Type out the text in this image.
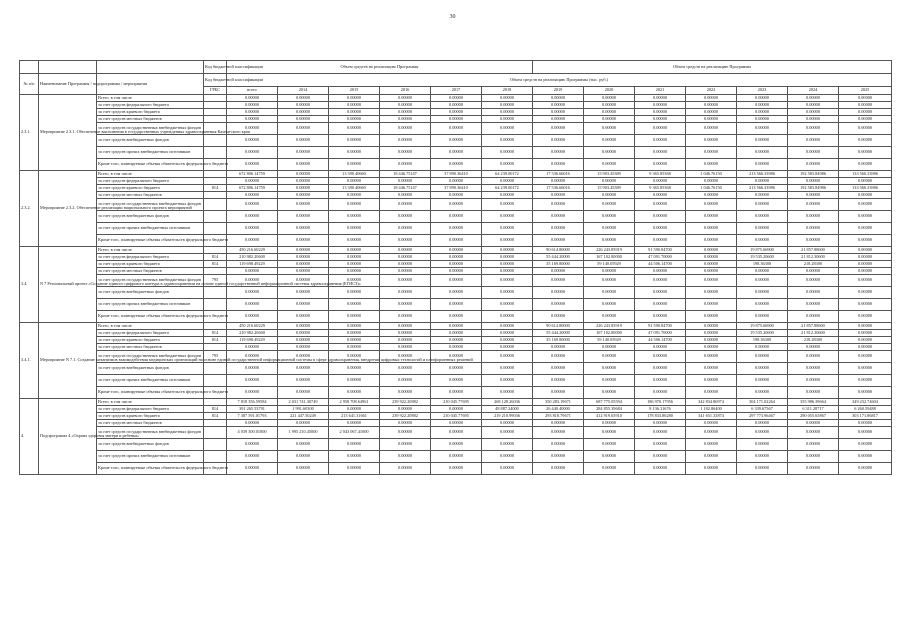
30
			Код бюджетной классификации	Объем средств на реализацию Программы						Объем средств на реализацию Программы						
№ п/п	Наименование Программы / подпрограммы / мероприятия		Код бюджетной классификации	Объем средств на реализацию Программы (тыс. руб.)												
			ГРБС	всего	2014	2015	2016	2017	2018	2019	2020	2021	2022	2023	2024	2025
2.3.1.	Мероприятие 2.3.1. Обеспечение выполнения в государственных учреждениях здравоохранения Камчатского края	Всего, в том числе		0.00000	0.00000	0.00000	0.00000	0.00000	0.00000	0.00000	0.00000	0.00000	0.00000	0.00000	0.00000	0.00000
		за счет средств федерального бюджета		0.00000	0.00000	0.00000	0.00000	0.00000	0.00000	0.00000	0.00000	0.00000	0.00000	0.00000	0.00000	0.00000
		за счет средств краевого бюджета		0.00000	0.00000	0.00000	0.00000	0.00000	0.00000	0.00000	0.00000	0.00000	0.00000	0.00000	0.00000	0.00000
		за счет средств местных бюджетов		0.00000	0.00000	0.00000	0.00000	0.00000	0.00000	0.00000	0.00000	0.00000	0.00000	0.00000	0.00000	0.00000
		за счет средств государственных внебюджетных фондов		0.00000	0.00000	0.00000	0.00000	0.00000	0.00000	0.00000	0.00000	0.00000	0.00000	0.00000	0.00000	0.00000
		за счет средств внебюджетных фондов		0.00000	0.00000	0.00000	0.00000	0.00000	0.00000	0.00000	0.00000	0.00000	0.00000	0.00000	0.00000	0.00000
		за счет средств прочих внебюджетных источников		0.00000	0.00000	0.00000	0.00000	0.00000	0.00000	0.00000	0.00000	0.00000	0.00000	0.00000	0.00000	0.00000
		Кроме того, планируемые объемы обязательств федерального бюджета		0.00000	0.00000	0.00000	0.00000	0.00000	0.00000	0.00000	0.00000	0.00000	0.00000	0.00000	0.00000	0.00000
2.3.2.	Мероприятие 2.3.2. Обеспечение реализации национального проекта мероприятий	Всего, в том числе		672 806.14759	0.00000	13 390.40660	18 446.75147	37 890.36410	64 239.00172	17 536.66016	15 903.45389	9 365.85368	1 046.76150	213 566.33986	192 583.84986	133 566.33986
		за счет средств федерального бюджета		0.00000	0.00000	0.00000	0.00000	0.00000	0.00000	0.00000	0.00000	0.00000	0.00000	0.00000	0.00000	0.00000
		за счет средств краевого бюджета	814	672 806.14759	0.00000	13 390.40660	18 446.75147	37 890.36410	64 239.00172	17 536.66016	15 903.45389	9 365.85368	1 046.76150	213 566.33986	192 583.84986	133 566.33986
		за счет средств местных бюджетов		0.00000	0.00000	0.00000	0.00000	0.00000	0.00000	0.00000	0.00000	0.00000	0.00000	0.00000	0.00000	0.00000
		за счет средств государственных внебюджетных фондов		0.00000	0.00000	0.00000	0.00000	0.00000	0.00000	0.00000	0.00000	0.00000	0.00000	0.00000	0.00000	0.00000
		за счет средств внебюджетных фондов		0.00000	0.00000	0.00000	0.00000	0.00000	0.00000	0.00000	0.00000	0.00000	0.00000	0.00000	0.00000	0.00000
		за счет средств прочих внебюджетных источников		0.00000	0.00000	0.00000	0.00000	0.00000	0.00000	0.00000	0.00000	0.00000	0.00000	0.00000	0.00000	0.00000
		Кроме того, планируемые объемы обязательств федерального бюджета		0.00000	0.00000	0.00000	0.00000	0.00000	0.00000	0.00000	0.00000	0.00000	0.00000	0.00000	0.00000	0.00000
3.4.	N 7 Региональный проект «Создание единого цифрового контура в здравоохранении на основе единой государственной информационной системы здравоохранения (ЕГИСЗ)»	Всего, в том числе		450 216.60229	0.00000	0.00000	0.00000	0.00000	0.00000	90 614.80000	226 243.85919	91 590.84700	0.00000	19 875.66900	21 857.88600	0.00000
		за счет средств федерального бюджета	814	210 982.20600	0.00000	0.00000	0.00000	0.00000	0.00000	55 444.20000	167 102.80000	47 091.70000	0.00000	19 535.20600	21 812.30600	0.00000
		за счет средств краевого бюджета	814	119 698.49229	0.00000	0.00000	0.00000	0.00000	0.00000	35 169.80000	59 140.05929	44 506.14700	0.00000	198.36300	218.28300	0.00000
		за счет средств местных бюджетов		0.00000	0.00000	0.00000	0.00000	0.00000	0.00000	0.00000	0.00000	0.00000	0.00000	0.00000	0.00000	0.00000
		за счет средств государственных внебюджетных фондов	795	0.00000	0.00000	0.00000	0.00000	0.00000	0.00000	0.00000	0.00000	0.00000	0.00000	0.00000	0.00000	0.00000
		за счет средств внебюджетных фондов		0.00000	0.00000	0.00000	0.00000	0.00000	0.00000	0.00000	0.00000	0.00000	0.00000	0.00000	0.00000	0.00000
		за счет средств прочих внебюджетных источников		0.00000	0.00000	0.00000	0.00000	0.00000	0.00000	0.00000	0.00000	0.00000	0.00000	0.00000	0.00000	0.00000
		Кроме того, планируемые объемы обязательств федерального бюджета		0.00000	0.00000	0.00000	0.00000	0.00000	0.00000	0.00000	0.00000	0.00000	0.00000	0.00000	0.00000	0.00000
3.4.1.	Мероприятие N 7.1. Создание механизмов взаимодействия медицинских организаций на основе единой государственной информационной системы в сфере здравоохранения, внедрение цифровых технологий и платформенных решений	Всего, в том числе		450 216.60229	0.00000	0.00000	0.00000	0.00000	0.00000	90 614.80000	226 243.85919	91 590.84700	0.00000	19 875.66900	21 857.88600	0.00000
		за счет средств федерального бюджета	814	210 982.20600	0.00000	0.00000	0.00000	0.00000	0.00000	55 444.20000	167 102.80000	47 091.70000	0.00000	19 535.20600	21 812.30600	0.00000
		за счет средств краевого бюджета	814	119 698.49229	0.00000	0.00000	0.00000	0.00000	0.00000	35 169.80000	59 140.05929	44 506.14700	0.00000	198.36300	218.28300	0.00000
		за счет средств местных бюджетов		0.00000	0.00000	0.00000	0.00000	0.00000	0.00000	0.00000	0.00000	0.00000	0.00000	0.00000	0.00000	0.00000
		за счет средств государственных внебюджетных фондов	795	0.00000	0.00000	0.00000	0.00000	0.00000	0.00000	0.00000	0.00000	0.00000	0.00000	0.00000	0.00000	0.00000
		за счет средств внебюджетных фондов		0.00000	0.00000	0.00000	0.00000	0.00000	0.00000	0.00000	0.00000	0.00000	0.00000	0.00000	0.00000	0.00000
		за счет средств прочих внебюджетных источников		0.00000	0.00000	0.00000	0.00000	0.00000	0.00000	0.00000	0.00000	0.00000	0.00000	0.00000	0.00000	0.00000
		Кроме того, планируемые объемы обязательств федерального бюджета		0.00000	0.00000	0.00000	0.00000	0.00000	0.00000	0.00000	0.00000	0.00000	0.00000	0.00000	0.00000	0.00000
4.	Подпрограмма 4 «Охрана здоровья матери и ребенка»	Всего, в том числе		7 818 356.59584	2 031 741.30749	2 958 708.64961	239 922.20882	210 045.77695	268 128.26036	350 283.19671	687 775.05594	186 970.17956	342 834.86974	304 171.02264	355 986.39664	349 232.74604
		за счет средств федерального бюджета	814	391 265.53791	1 991.60300	0.00000	0.00000	0.00000	48 887.24000	26 440.40000	284 855.39684	8 136.31676	1 182.86400	6 339.67567	6 311.28717	6 260.59488
		за счет средств краевого бюджета	814	7 387 591.01793	221 447.50249	213 641.31661	239 922.20882	210 045.77695	219 210.99036	293 818.79671	412 919.65910	178 833.86280	341 651.33874	297 773.96467	290 055.65867	303 171.86817
		за счет средств местных бюджетов		0.00000	0.00000	0.00000	0.00000	0.00000	0.00000	0.00000	0.00000	0.00000	0.00000	0.00000	0.00000	0.00000
		за счет средств государственных внебюджетных фондов		4 039 300.01000	1 995 210.45000	2 043 067.41000	0.00000	0.00000	0.00000	0.00000	0.00000	0.00000	0.00000	0.00000	0.00000	0.00000
		за счет средств внебюджетных фондов		0.00000	0.00000	0.00000	0.00000	0.00000	0.00000	0.00000	0.00000	0.00000	0.00000	0.00000	0.00000	0.00000
		за счет средств прочих внебюджетных источников		0.00000	0.00000	0.00000	0.00000	0.00000	0.00000	0.00000	0.00000	0.00000	0.00000	0.00000	0.00000	0.00000
		Кроме того, планируемые объемы обязательств федерального бюджета		0.00000	0.00000	0.00000	0.00000	0.00000	0.00000	0.00000	0.00000	0.00000	0.00000	0.00000	0.00000	0.00000
